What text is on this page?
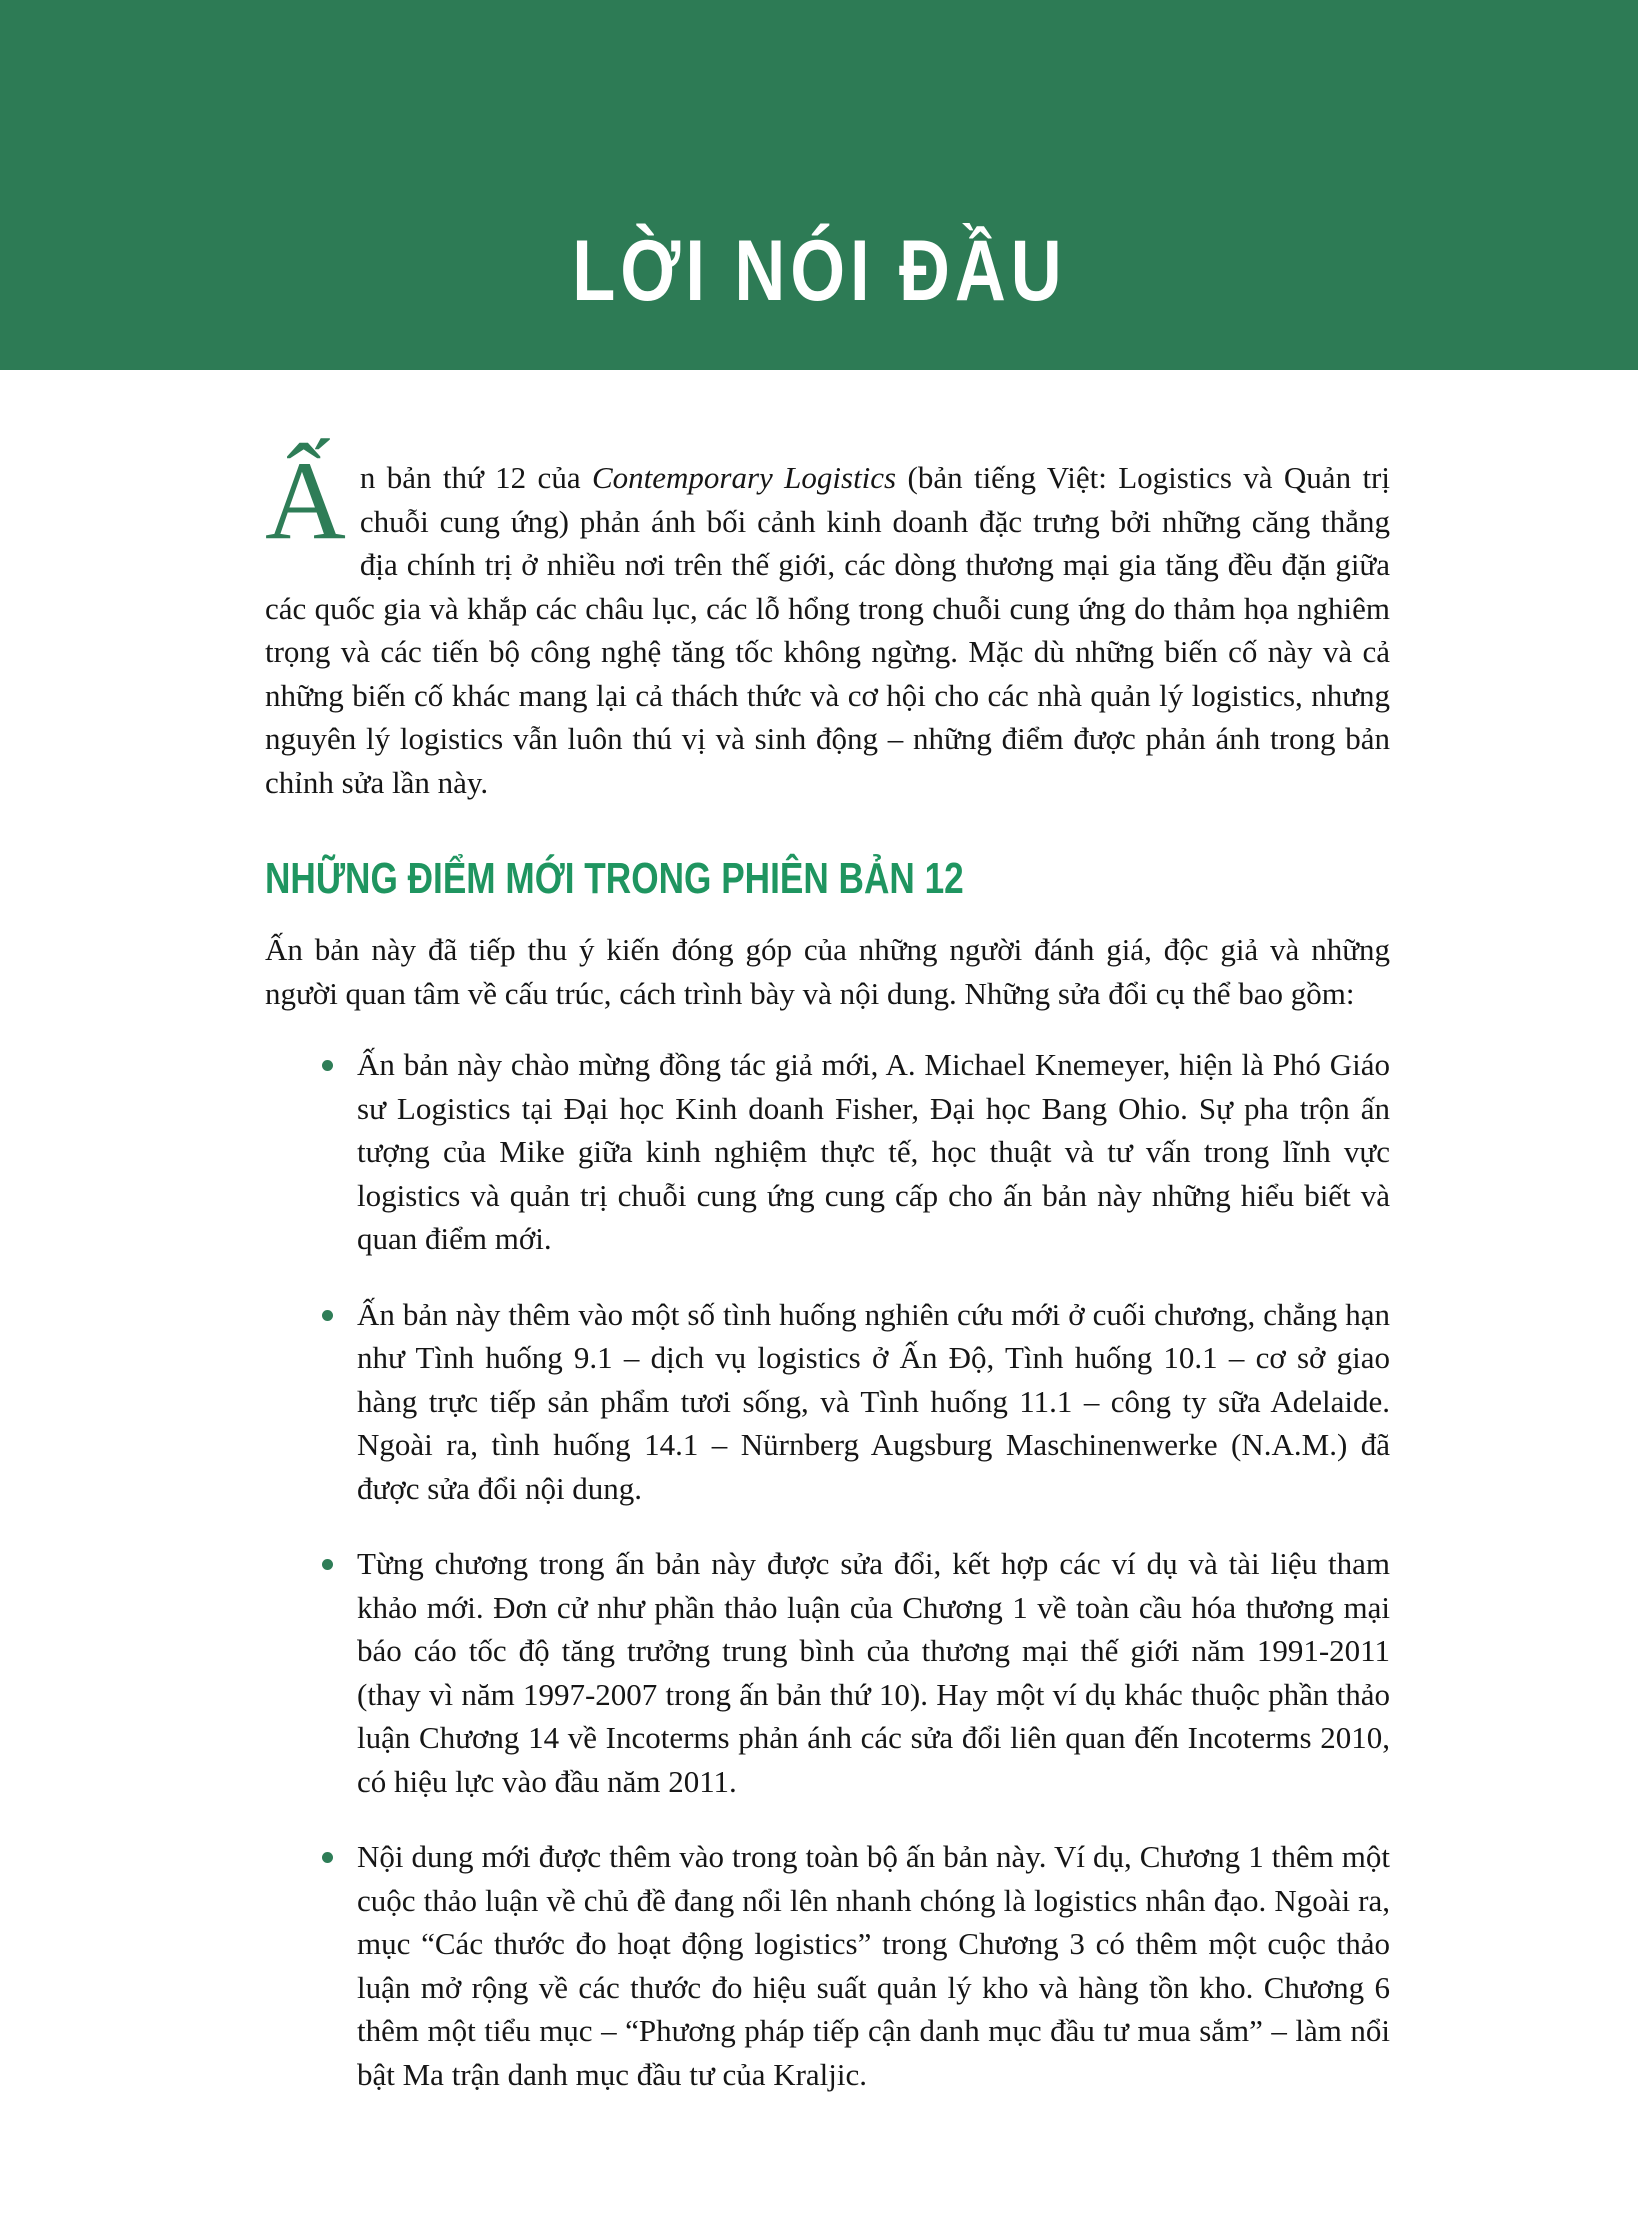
LỜI NÓI ĐẦU

Ấn bản thứ 12 của Contemporary Logistics (bản tiếng Việt: Logistics và Quản trị chuỗi cung ứng) phản ánh bối cảnh kinh doanh đặc trưng bởi những căng thẳng địa chính trị ở nhiều nơi trên thế giới, các dòng thương mại gia tăng đều đặn giữa các quốc gia và khắp các châu lục, các lỗ hổng trong chuỗi cung ứng do thảm họa nghiêm trọng và các tiến bộ công nghệ tăng tốc không ngừng. Mặc dù những biến cố này và cả những biến cố khác mang lại cả thách thức và cơ hội cho các nhà quản lý logistics, nhưng nguyên lý logistics vẫn luôn thú vị và sinh động – những điểm được phản ánh trong bản chỉnh sửa lần này.

NHỮNG ĐIỂM MỚI TRONG PHIÊN BẢN 12

Ấn bản này đã tiếp thu ý kiến đóng góp của những người đánh giá, độc giả và những người quan tâm về cấu trúc, cách trình bày và nội dung. Những sửa đổi cụ thể bao gồm:

Ấn bản này chào mừng đồng tác giả mới, A. Michael Knemeyer, hiện là Phó Giáo sư Logistics tại Đại học Kinh doanh Fisher, Đại học Bang Ohio. Sự pha trộn ấn tượng của Mike giữa kinh nghiệm thực tế, học thuật và tư vấn trong lĩnh vực logistics và quản trị chuỗi cung ứng cung cấp cho ấn bản này những hiểu biết và quan điểm mới.
Ấn bản này thêm vào một số tình huống nghiên cứu mới ở cuối chương, chẳng hạn như Tình huống 9.1 – dịch vụ logistics ở Ấn Độ, Tình huống 10.1 – cơ sở giao hàng trực tiếp sản phẩm tươi sống, và Tình huống 11.1 – công ty sữa Adelaide. Ngoài ra, tình huống 14.1 – Nürnberg Augsburg Maschinenwerke (N.A.M.) đã được sửa đổi nội dung.
Từng chương trong ấn bản này được sửa đổi, kết hợp các ví dụ và tài liệu tham khảo mới. Đơn cử như phần thảo luận của Chương 1 về toàn cầu hóa thương mại báo cáo tốc độ tăng trưởng trung bình của thương mại thế giới năm 1991-2011 (thay vì năm 1997-2007 trong ấn bản thứ 10). Hay một ví dụ khác thuộc phần thảo luận Chương 14 về Incoterms phản ánh các sửa đổi liên quan đến Incoterms 2010, có hiệu lực vào đầu năm 2011.
Nội dung mới được thêm vào trong toàn bộ ấn bản này. Ví dụ, Chương 1 thêm một cuộc thảo luận về chủ đề đang nổi lên nhanh chóng là logistics nhân đạo. Ngoài ra, mục “Các thước đo hoạt động logistics” trong Chương 3 có thêm một cuộc thảo luận mở rộng về các thước đo hiệu suất quản lý kho và hàng tồn kho. Chương 6 thêm một tiểu mục – “Phương pháp tiếp cận danh mục đầu tư mua sắm” – làm nổi bật Ma trận danh mục đầu tư của Kraljic.
